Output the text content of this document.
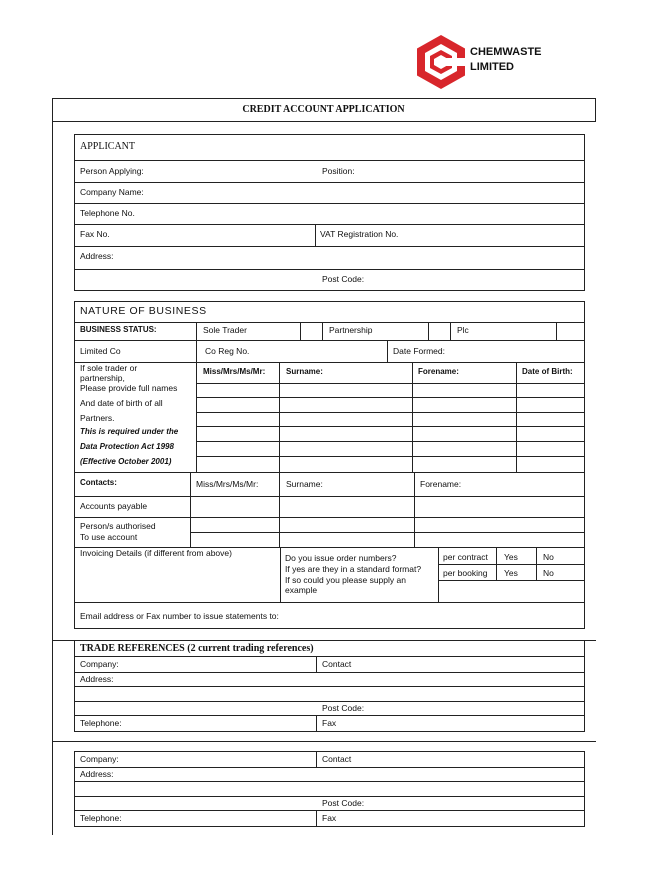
CHEMWASTE
LIMITED
CREDIT ACCOUNT APPLICATION
APPLICANT
Person Applying:	Position:
Company Name:
Telephone No.
Fax No.	VAT Registration No.
Address:
Post Code:
NATURE OF BUSINESS
BUSINESS STATUS:	Sole Trader	Partnership	Plc
Limited Co	Co Reg No.	Date Formed:
If sole trader or
partnership,
Please provide full names
And date of birth of all
Partners.
This is required under the
Data Protection Act 1998
(Effective October 2001)
Miss/Mrs/Ms/Mr:	Surname:	Forename:	Date of Birth:
Contacts:	Miss/Mrs/Ms/Mr:	Surname:	Forename:
Accounts payable
Person/s authorised
To use account
Invoicing Details (if different from above)	Do you issue order numbers?
If yes are they in a standard format?
If so could you please supply an
example
per contract Yes	No
per booking Yes	No
Email address or Fax number to issue statements to:
TRADE REFERENCES (2 current trading references)
Company:	Contact
Address:
Post Code:
Telephone:	Fax
Company:	Contact
Address:
Post Code:
Telephone:	Fax
